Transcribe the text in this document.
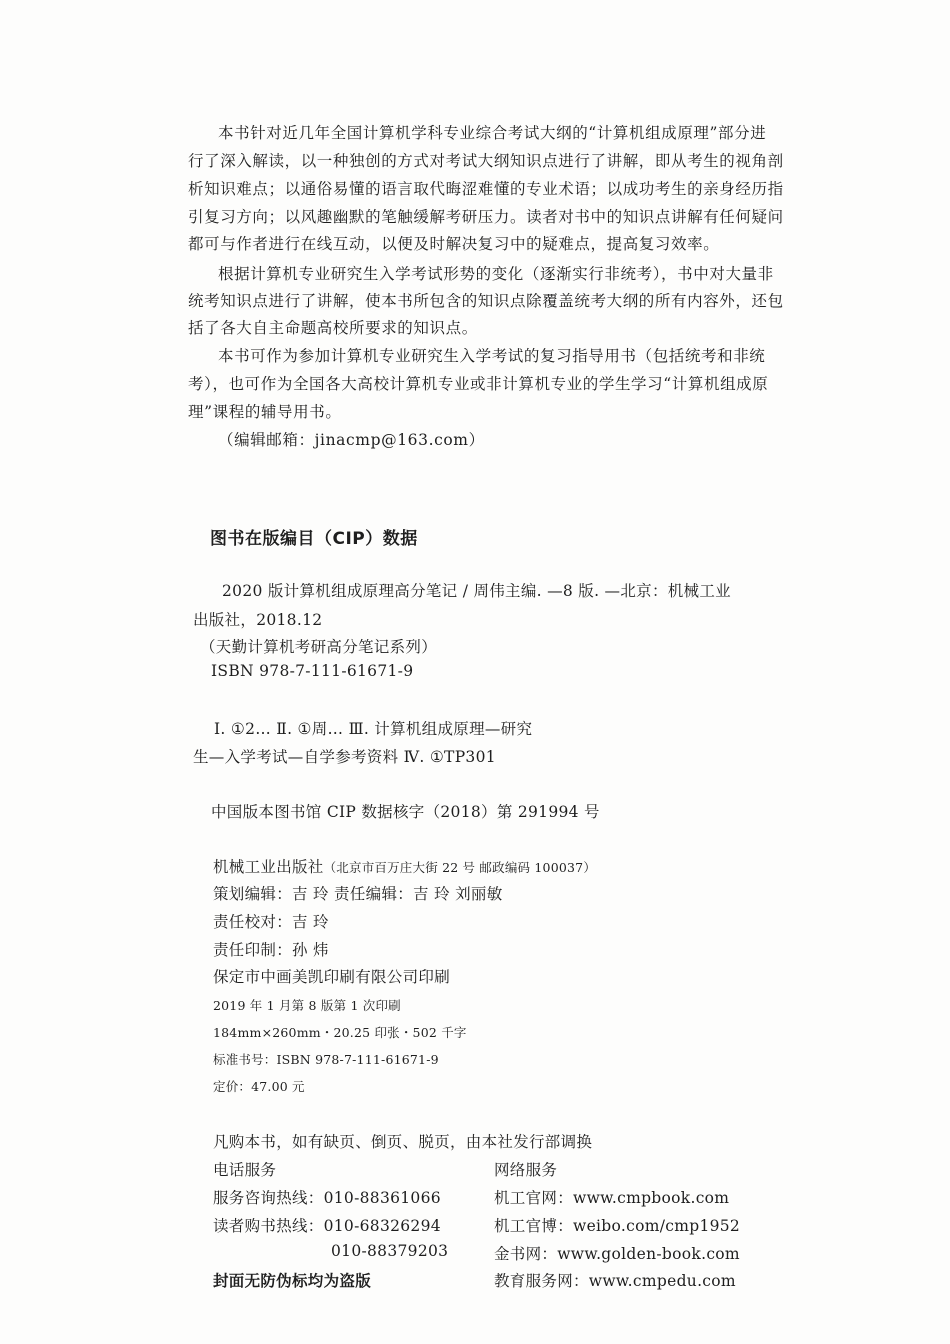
本书针对近几年全国计算机学科专业综合考试大纲的“计算机组成原理”部分进
行了深入解读，以一种独创的方式对考试大纲知识点进行了讲解，即从考生的视角剖
析知识难点；以通俗易懂的语言取代晦涩难懂的专业术语；以成功考生的亲身经历指
引复习方向；以风趣幽默的笔触缓解考研压力。读者对书中的知识点讲解有任何疑问
都可与作者进行在线互动，以便及时解决复习中的疑难点，提高复习效率。
根据计算机专业研究生入学考试形势的变化（逐渐实行非统考），书中对大量非
统考知识点进行了讲解，使本书所包含的知识点除覆盖统考大纲的所有内容外，还包
括了各大自主命题高校所要求的知识点。
本书可作为参加计算机专业研究生入学考试的复习指导用书（包括统考和非统
考），也可作为全国各大高校计算机专业或非计算机专业的学生学习“计算机组成原
理”课程的辅导用书。
（编辑邮箱：jinacmp@163.com）
图书在版编目（CIP）数据
2020 版计算机组成原理高分笔记 / 周伟主编. —8 版. —北京：机械工业
出版社，2018.12
（天勤计算机考研高分笔记系列）
ISBN 978-7-111-61671-9
Ⅰ. ①2… Ⅱ. ①周… Ⅲ. 计算机组成原理—研究
生—入学考试—自学参考资料 Ⅳ. ①TP301
中国版本图书馆 CIP 数据核字（2018）第 291994 号
机械工业出版社（北京市百万庄大街 22 号 邮政编码 100037）
策划编辑：吉 玲 责任编辑：吉 玲 刘丽敏
责任校对：吉 玲
责任印制：孙 炜
保定市中画美凯印刷有限公司印刷
2019 年 1 月第 8 版第 1 次印刷
184mm×260mm・20.25 印张・502 千字
标准书号：ISBN 978-7-111-61671-9
定价：47.00 元
凡购本书，如有缺页、倒页、脱页，由本社发行部调换
电话服务	网络服务
服务咨询热线：010-88361066	机工官网：www.cmpbook.com
读者购书热线：010-68326294	机工官博：weibo.com/cmp1952
010-88379203	金书网：www.golden-book.com
封面无防伪标均为盗版	教育服务网：www.cmpedu.com
